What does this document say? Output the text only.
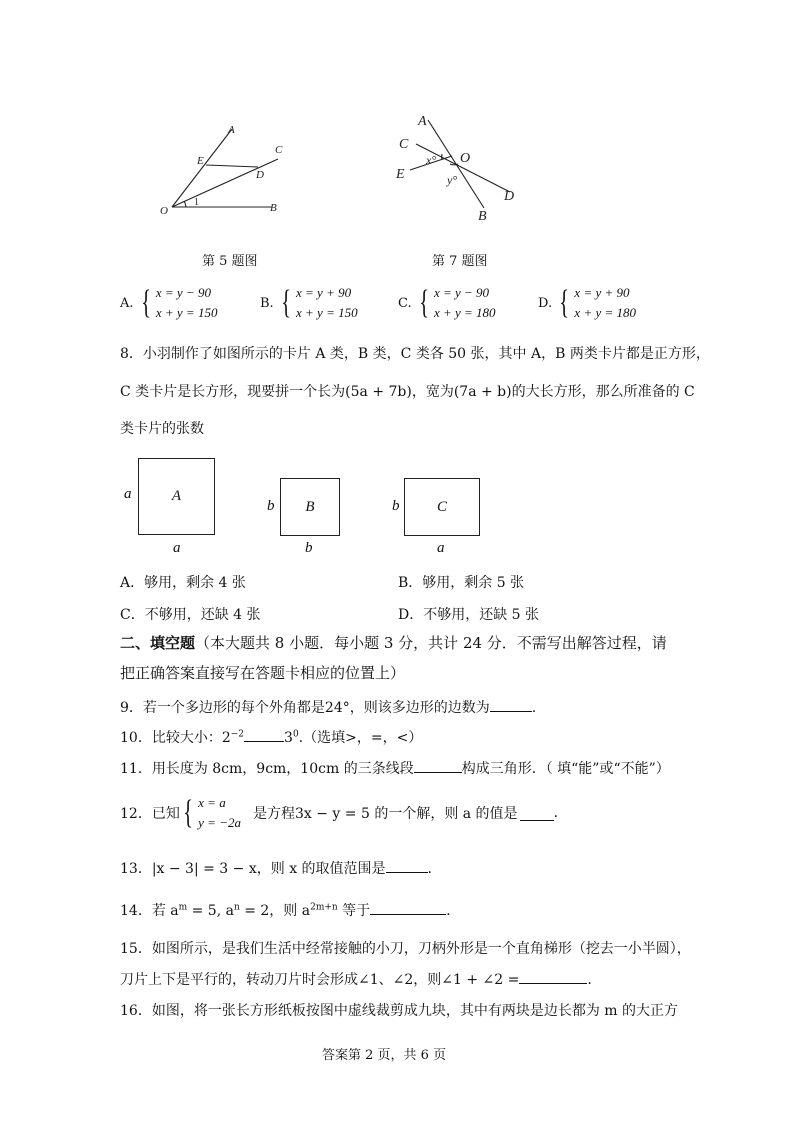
A
E
C
D
O	B
1
第 5 题图
A
C
E
O
D
B
x°
y°
第 7 题图
A. { x = y − 90
x + y = 150
B. { x = y + 90
x + y = 150
C. { x = y − 90
x + y = 180
D. { x = y + 90
x + y = 180
8．小羽制作了如图所示的卡片 A 类，B 类，C 类各 50 张，其中 A，B 两类卡片都是正方形，
C 类卡片是长方形，现要拼一个长为(5a + 7b)，宽为(7a + b)的大长方形，那么所准备的 C
类卡片的张数
a	A
a
b	B
b
b	C
a
A．够用，剩余 4 张	B．够用，剩余 5 张
C．不够用，还缺 4 张	D．不够用，还缺 5 张
二、填空题（本大题共 8 小题．每小题 3 分，共计 24 分．不需写出解答过程，请
把正确答案直接写在答题卡相应的位置上）
9．若一个多边形的每个外角都是24°，则该多边形的边数为	.
10．比较大小：$2^{-2}$	$3^0$.（选填>，=，<）
11．用长度为 8cm，9cm，10cm 的三条线段	构成三角形．（ 填“能”或“不能”）
12．已知 { x = a
y = −2a
是方程3x − y = 5 的一个解，则 a 的值是	.
13．|x − 3| = 3 − x，则 x 的取值范围是	.
14．若 $a^m = 5$, $a^n = 2$，则 $a^{2m+n}$ 等于	.
15．如图所示，是我们生活中经常接触的小刀，刀柄外形是一个直角梯形（挖去一小半圆），
刀片上下是平行的，转动刀片时会形成∠1、∠2，则∠1 + ∠2 =	.
16．如图，将一张长方形纸板按图中虚线裁剪成九块，其中有两块是边长都为 m 的大正方
答案第 2 页，共 6 页
